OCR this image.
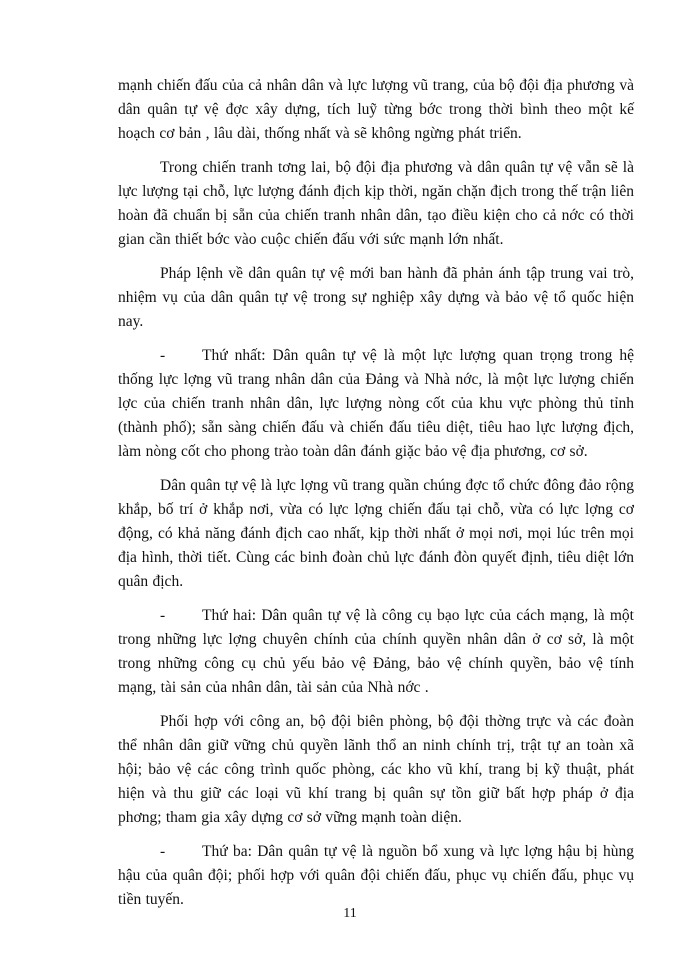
mạnh chiến đấu của cả nhân dân và lực lượng vũ trang, của bộ đội địa phương và dân quân tự vệ đợc xây dựng, tích luỹ từng bớc trong thời bình theo một kế hoạch cơ bản , lâu dài, thống nhất và sẽ không ngừng phát triển.

Trong chiến tranh tơng lai, bộ đội địa phương và dân quân tự vệ vẫn sẽ là lực lượng tại chỗ, lực lượng đánh địch kịp thời, ngăn chặn địch trong thế trận liên hoàn đã chuẩn bị sẵn của chiến tranh nhân dân, tạo điều kiện cho cả nớc có thời gian cần thiết bớc vào cuộc chiến đấu với sức mạnh lớn nhất.

Pháp lệnh về dân quân tự vệ mới ban hành đã phản ánh tập trung vai trò, nhiệm vụ của dân quân tự vệ trong sự nghiệp xây dựng và bảo vệ tổ quốc hiện nay.

- Thứ nhất: Dân quân tự vệ là một lực lượng quan trọng trong hệ thống lực lợng vũ trang nhân dân của Đảng và Nhà nớc, là một lực lượng chiến lợc của chiến tranh nhân dân, lực lượng nòng cốt của khu vực phòng thủ tỉnh (thành phố); sẵn sàng chiến đấu và chiến đấu tiêu diệt, tiêu hao lực lượng địch, làm nòng cốt cho phong trào toàn dân đánh giặc bảo vệ địa phương, cơ sở.

Dân quân tự vệ là lực lợng vũ trang quần chúng đợc tổ chức đông đảo rộng khắp, bố trí ở khắp nơi, vừa có lực lợng chiến đấu tại chỗ, vừa có lực lợng cơ động, có khả năng đánh địch cao nhất, kịp thời nhất ở mọi nơi, mọi lúc trên mọi địa hình, thời tiết. Cùng các binh đoàn chủ lực đánh đòn quyết định, tiêu diệt lớn quân địch.

- Thứ hai: Dân quân tự vệ là công cụ bạo lực của cách mạng, là một trong những lực lợng chuyên chính của chính quyền nhân dân ở cơ sở, là một trong những công cụ chủ yếu bảo vệ Đảng, bảo vệ chính quyền, bảo vệ tính mạng, tài sản của nhân dân, tài sản của Nhà nớc .

Phối hợp với công an, bộ đội biên phòng, bộ đội thờng trực và các đoàn thể nhân dân giữ vững chủ quyền lãnh thổ an ninh chính trị, trật tự an toàn xã hội; bảo vệ các công trình quốc phòng, các kho vũ khí, trang bị kỹ thuật, phát hiện và thu giữ các loại vũ khí trang bị quân sự tồn giữ bất hợp pháp ở địa phơng; tham gia xây dựng cơ sở vững mạnh toàn diện.

- Thứ ba: Dân quân tự vệ là nguồn bổ xung và lực lợng hậu bị hùng hậu của quân đội; phối hợp với quân đội chiến đấu, phục vụ chiến đấu, phục vụ tiền tuyến.

11
